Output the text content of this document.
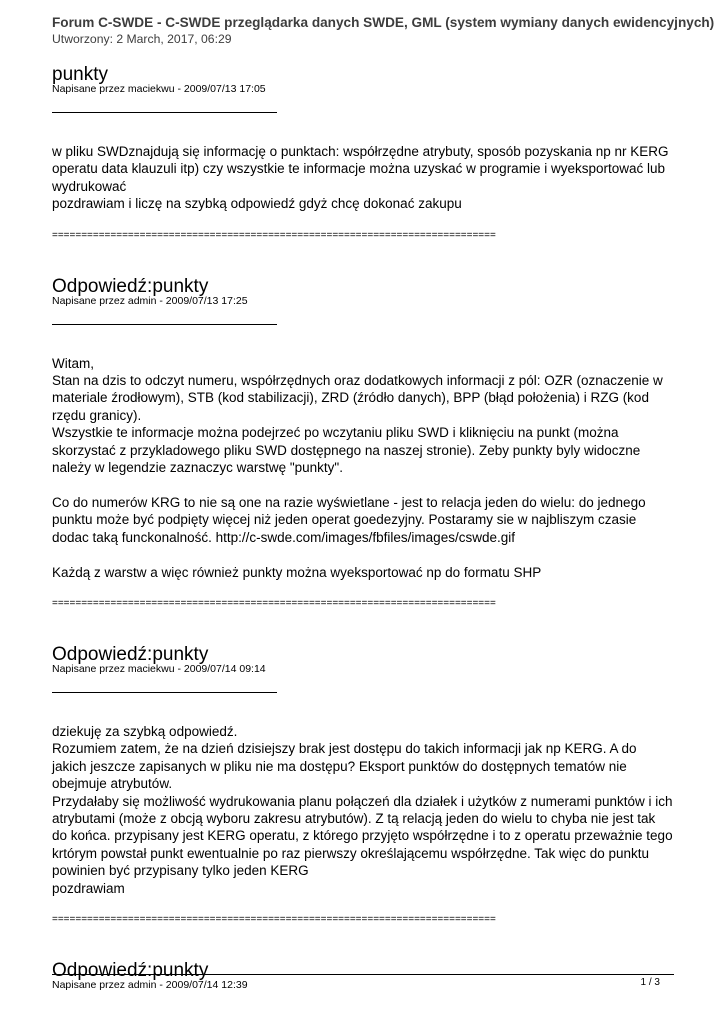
Forum C-SWDE - C-SWDE przeglądarka danych SWDE, GML (system wymiany danych ewidencyjnych)
Utworzony: 2 March, 2017, 06:29
punkty
Napisane przez maciekwu - 2009/07/13 17:05
w pliku SWDznajdują się informację o punktach: współrzędne atrybuty, sposób pozyskania np nr KERG operatu data klauzuli itp) czy wszystkie te informacje można uzyskać w programie i wyeksportować lub wydrukować
pozdrawiam i liczę na szybką odpowiedź gdyż chcę dokonać zakupu
============================================================================
Odpowiedź:punkty
Napisane przez admin - 2009/07/13 17:25
Witam,
Stan na dzis to odczyt numeru, współrzędnych oraz dodatkowych informacji z pól: OZR (oznaczenie w materiale źrodłowym), STB (kod stabilizacji), ZRD (źródło danych), BPP (błąd położenia) i RZG (kod rzędu granicy).
Wszystkie te informacje można podejrzeć po wczytaniu pliku SWD i kliknięciu na punkt (można skorzystać z przykladowego pliku SWD dostępnego na naszej stronie). Zeby punkty byly widoczne należy w legendzie zaznaczyc warstwę "punkty".

Co do numerów KRG to nie są one na razie wyświetlane - jest to relacja jeden do wielu: do jednego punktu może być podpięty więcej niż jeden operat goedezyjny. Postaramy sie w najbliszym czasie dodac taką funckonalność. http://c-swde.com/images/fbfiles/images/cswde.gif

Każdą z warstw a więc również punkty można wyeksportować np do formatu SHP
============================================================================
Odpowiedź:punkty
Napisane przez maciekwu - 2009/07/14 09:14
dziekuję za szybką odpowiedź.
Rozumiem zatem, że na dzień dzisiejszy brak jest dostępu do takich informacji jak np KERG. A do jakich jeszcze zapisanych w pliku nie ma dostępu? Eksport punktów do dostępnych tematów nie obejmuje atrybutów.
Przydałaby się możliwość wydrukowania planu połączeń dla działek i użytków z numerami punktów i ich atrybutami (może z obcją wyboru zakresu atrybutów). Z tą relacją jeden do wielu to chyba nie jest tak do końca. przypisany jest KERG operatu, z którego przyjęto współrzędne i to z operatu przeważnie tego krtórym powstał punkt ewentualnie po raz pierwszy określającemu współrzędne. Tak więc do punktu powinien być przypisany tylko jeden KERG
pozdrawiam
============================================================================
Odpowiedź:punkty
Napisane przez admin - 2009/07/14 12:39	1 / 3
